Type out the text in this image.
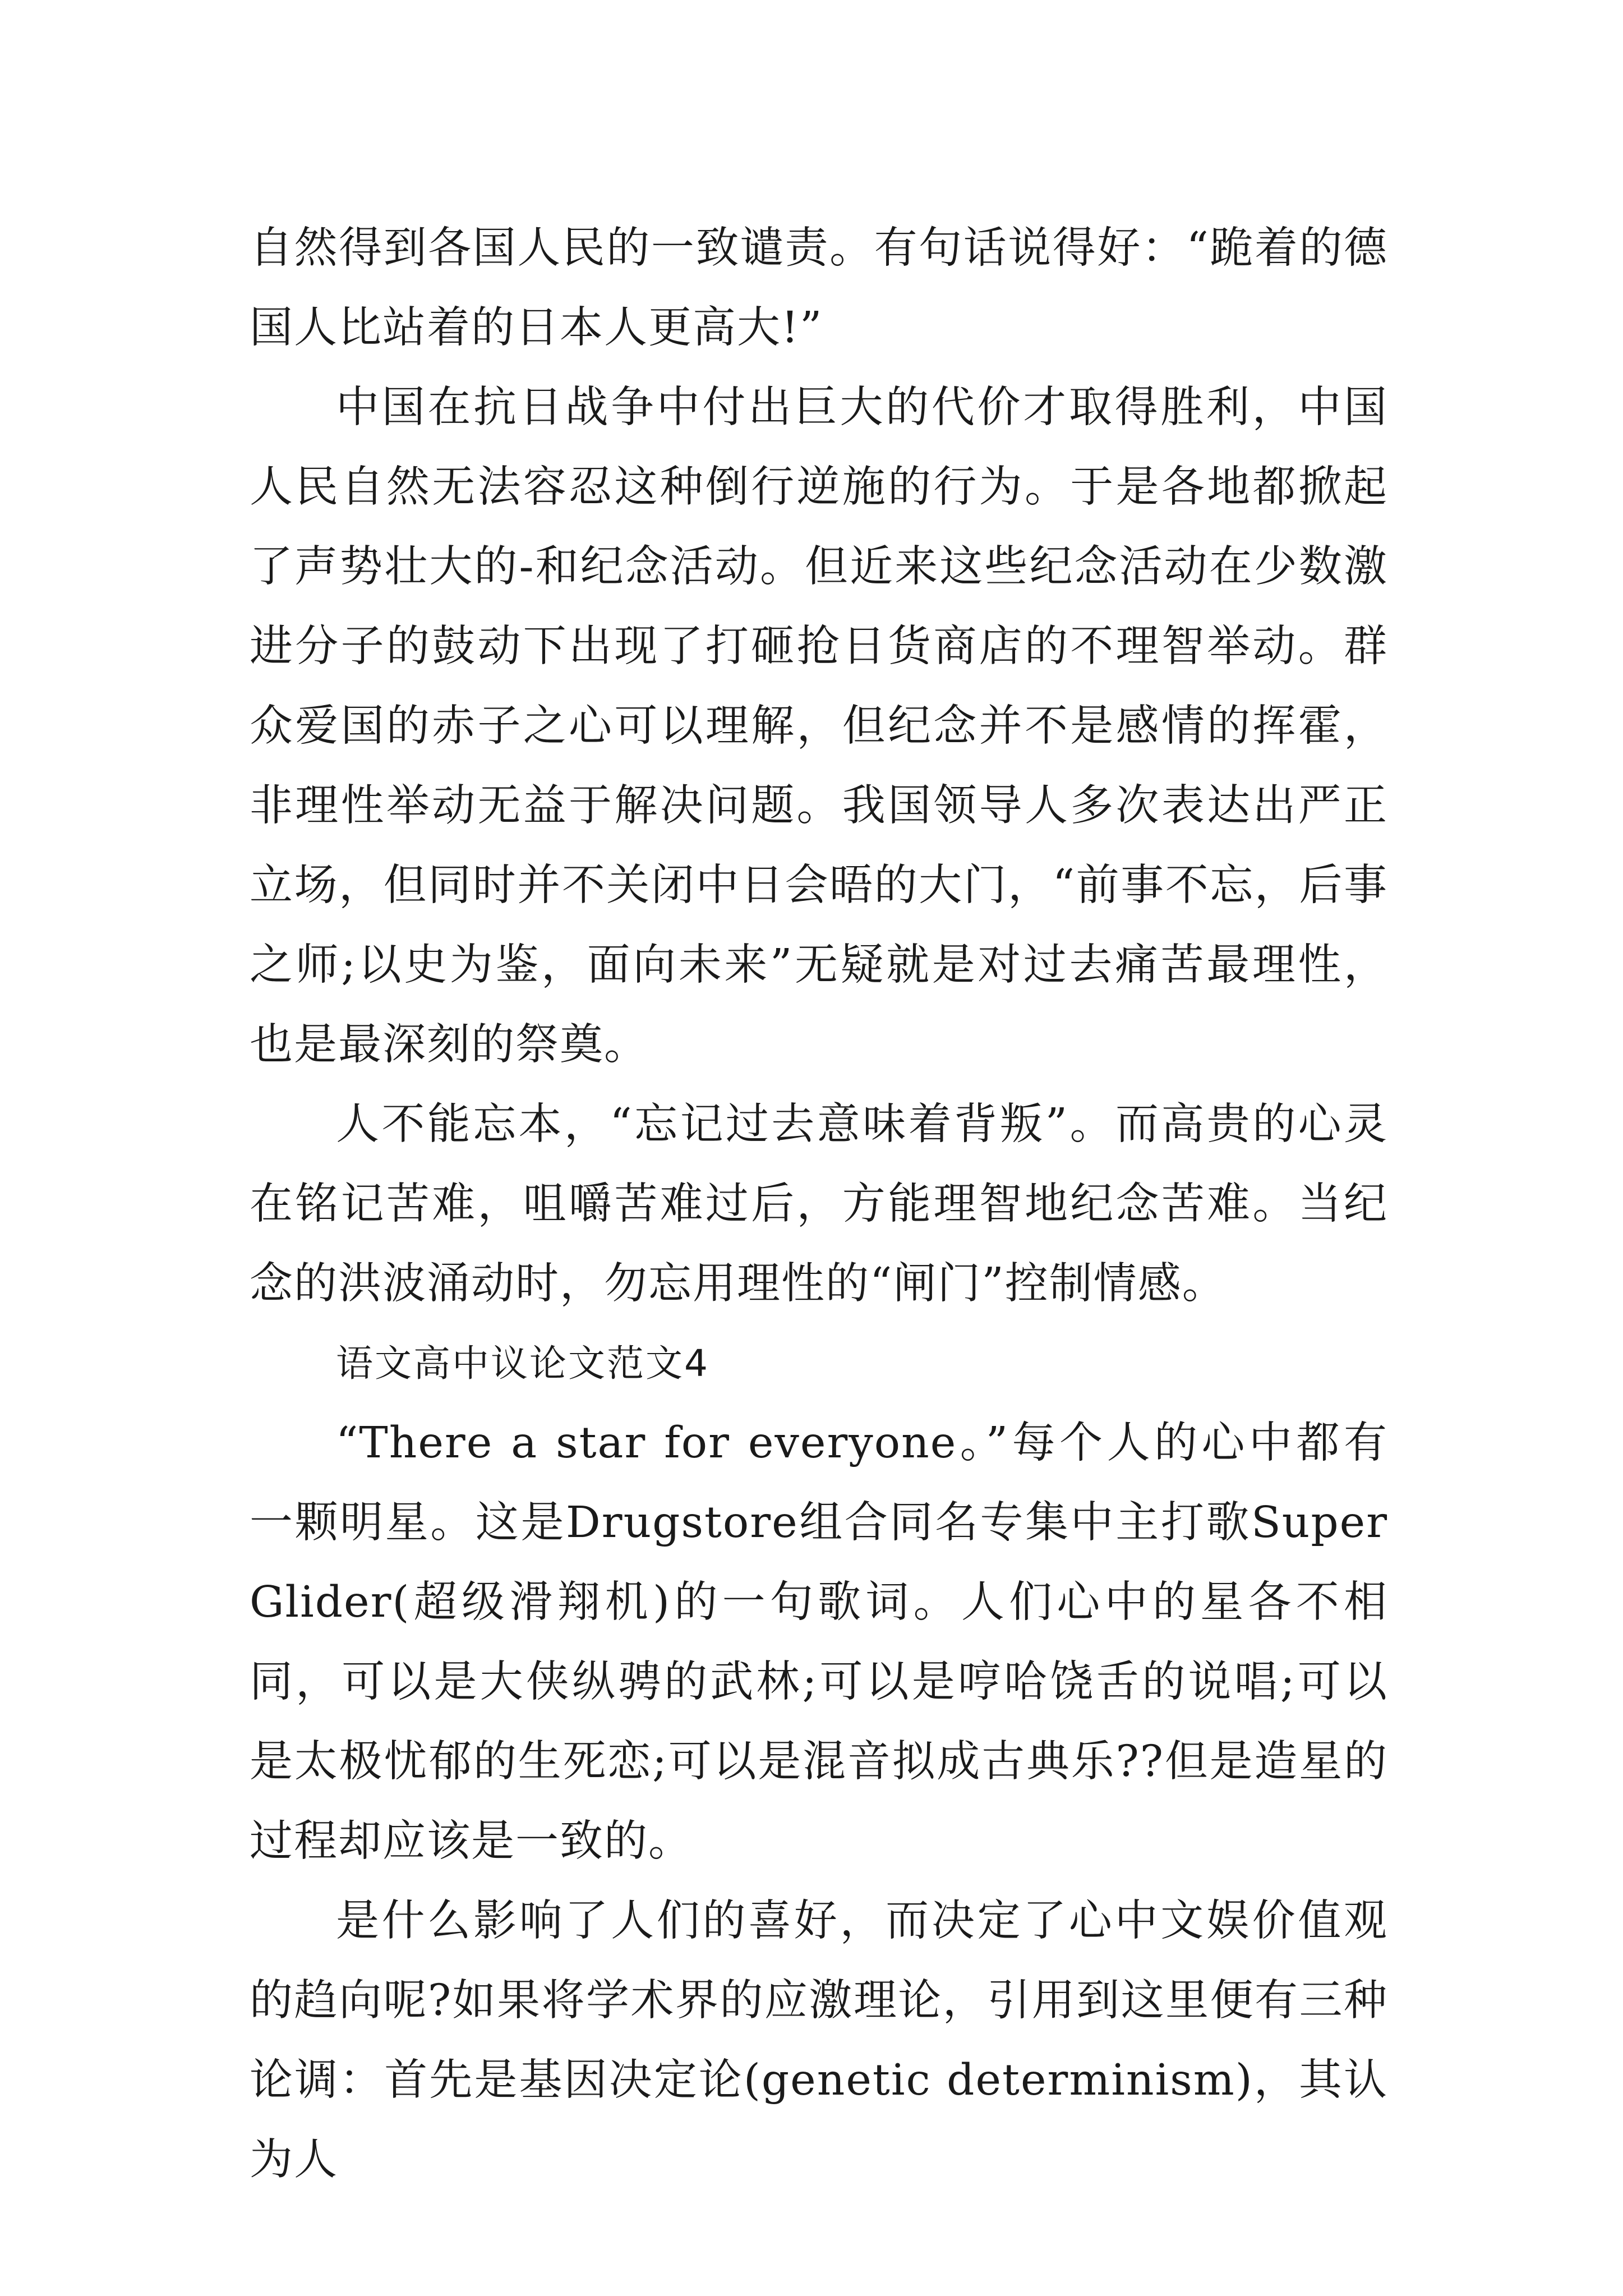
自然得到各国人民的一致谴责。有句话说得好：“跪着的德国人比站着的日本人更高大!”

中国在抗日战争中付出巨大的代价才取得胜利，中国人民自然无法容忍这种倒行逆施的行为。于是各地都掀起了声势壮大的-和纪念活动。但近来这些纪念活动在少数激进分子的鼓动下出现了打砸抢日货商店的不理智举动。群众爱国的赤子之心可以理解，但纪念并不是感情的挥霍，非理性举动无益于解决问题。我国领导人多次表达出严正立场，但同时并不关闭中日会晤的大门，“前事不忘，后事之师;以史为鉴，面向未来”无疑就是对过去痛苦最理性，也是最深刻的祭奠。

人不能忘本，“忘记过去意味着背叛”。而高贵的心灵在铭记苦难，咀嚼苦难过后，方能理智地纪念苦难。当纪念的洪波涌动时，勿忘用理性的“闸门”控制情感。

语文高中议论文范文4

“There a star for everyone。”每个人的心中都有一颗明星。这是Drugstore组合同名专集中主打歌Super Glider(超级滑翔机)的一句歌词。人们心中的星各不相同，可以是大侠纵骋的武林;可以是哼哈饶舌的说唱;可以是太极忧郁的生死恋;可以是混音拟成古典乐??但是造星的过程却应该是一致的。

是什么影响了人们的喜好，而决定了心中文娱价值观的趋向呢?如果将学术界的应激理论，引用到这里便有三种论调：首先是基因决定论(genetic determinism)，其认为人
